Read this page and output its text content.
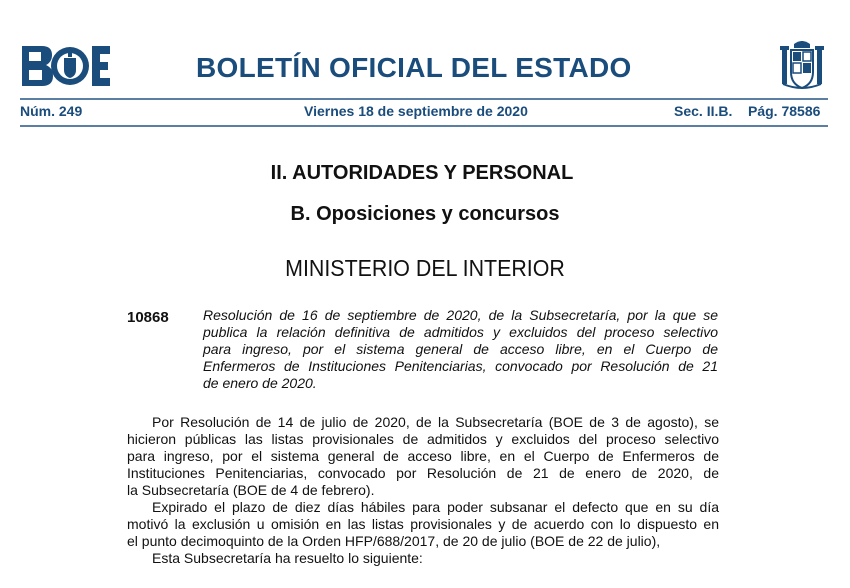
BOLETÍN OFICIAL DEL ESTADO
Núm. 249	Viernes 18 de septiembre de 2020	Sec. II.B. Pág. 78586
II. AUTORIDADES Y PERSONAL
B. Oposiciones y concursos
MINISTERIO DEL INTERIOR
10868 Resolución de 16 de septiembre de 2020, de la Subsecretaría, por la que se
publica la relación definitiva de admitidos y excluidos del proceso selectivo
para ingreso, por el sistema general de acceso libre, en el Cuerpo de
Enfermeros de Instituciones Penitenciarias, convocado por Resolución de 21
de enero de 2020.
Por Resolución de 14 de julio de 2020, de la Subsecretaría (BOE de 3 de agosto), se
hicieron públicas las listas provisionales de admitidos y excluidos del proceso selectivo
para ingreso, por el sistema general de acceso libre, en el Cuerpo de Enfermeros de
Instituciones Penitenciarias, convocado por Resolución de 21 de enero de 2020, de
la Subsecretaría (BOE de 4 de febrero).
Expirado el plazo de diez días hábiles para poder subsanar el defecto que en su día
motivó la exclusión u omisión en las listas provisionales y de acuerdo con lo dispuesto en
el punto decimoquinto de la Orden HFP/688/2017, de 20 de julio (BOE de 22 de julio),
Esta Subsecretaría ha resuelto lo siguiente:
